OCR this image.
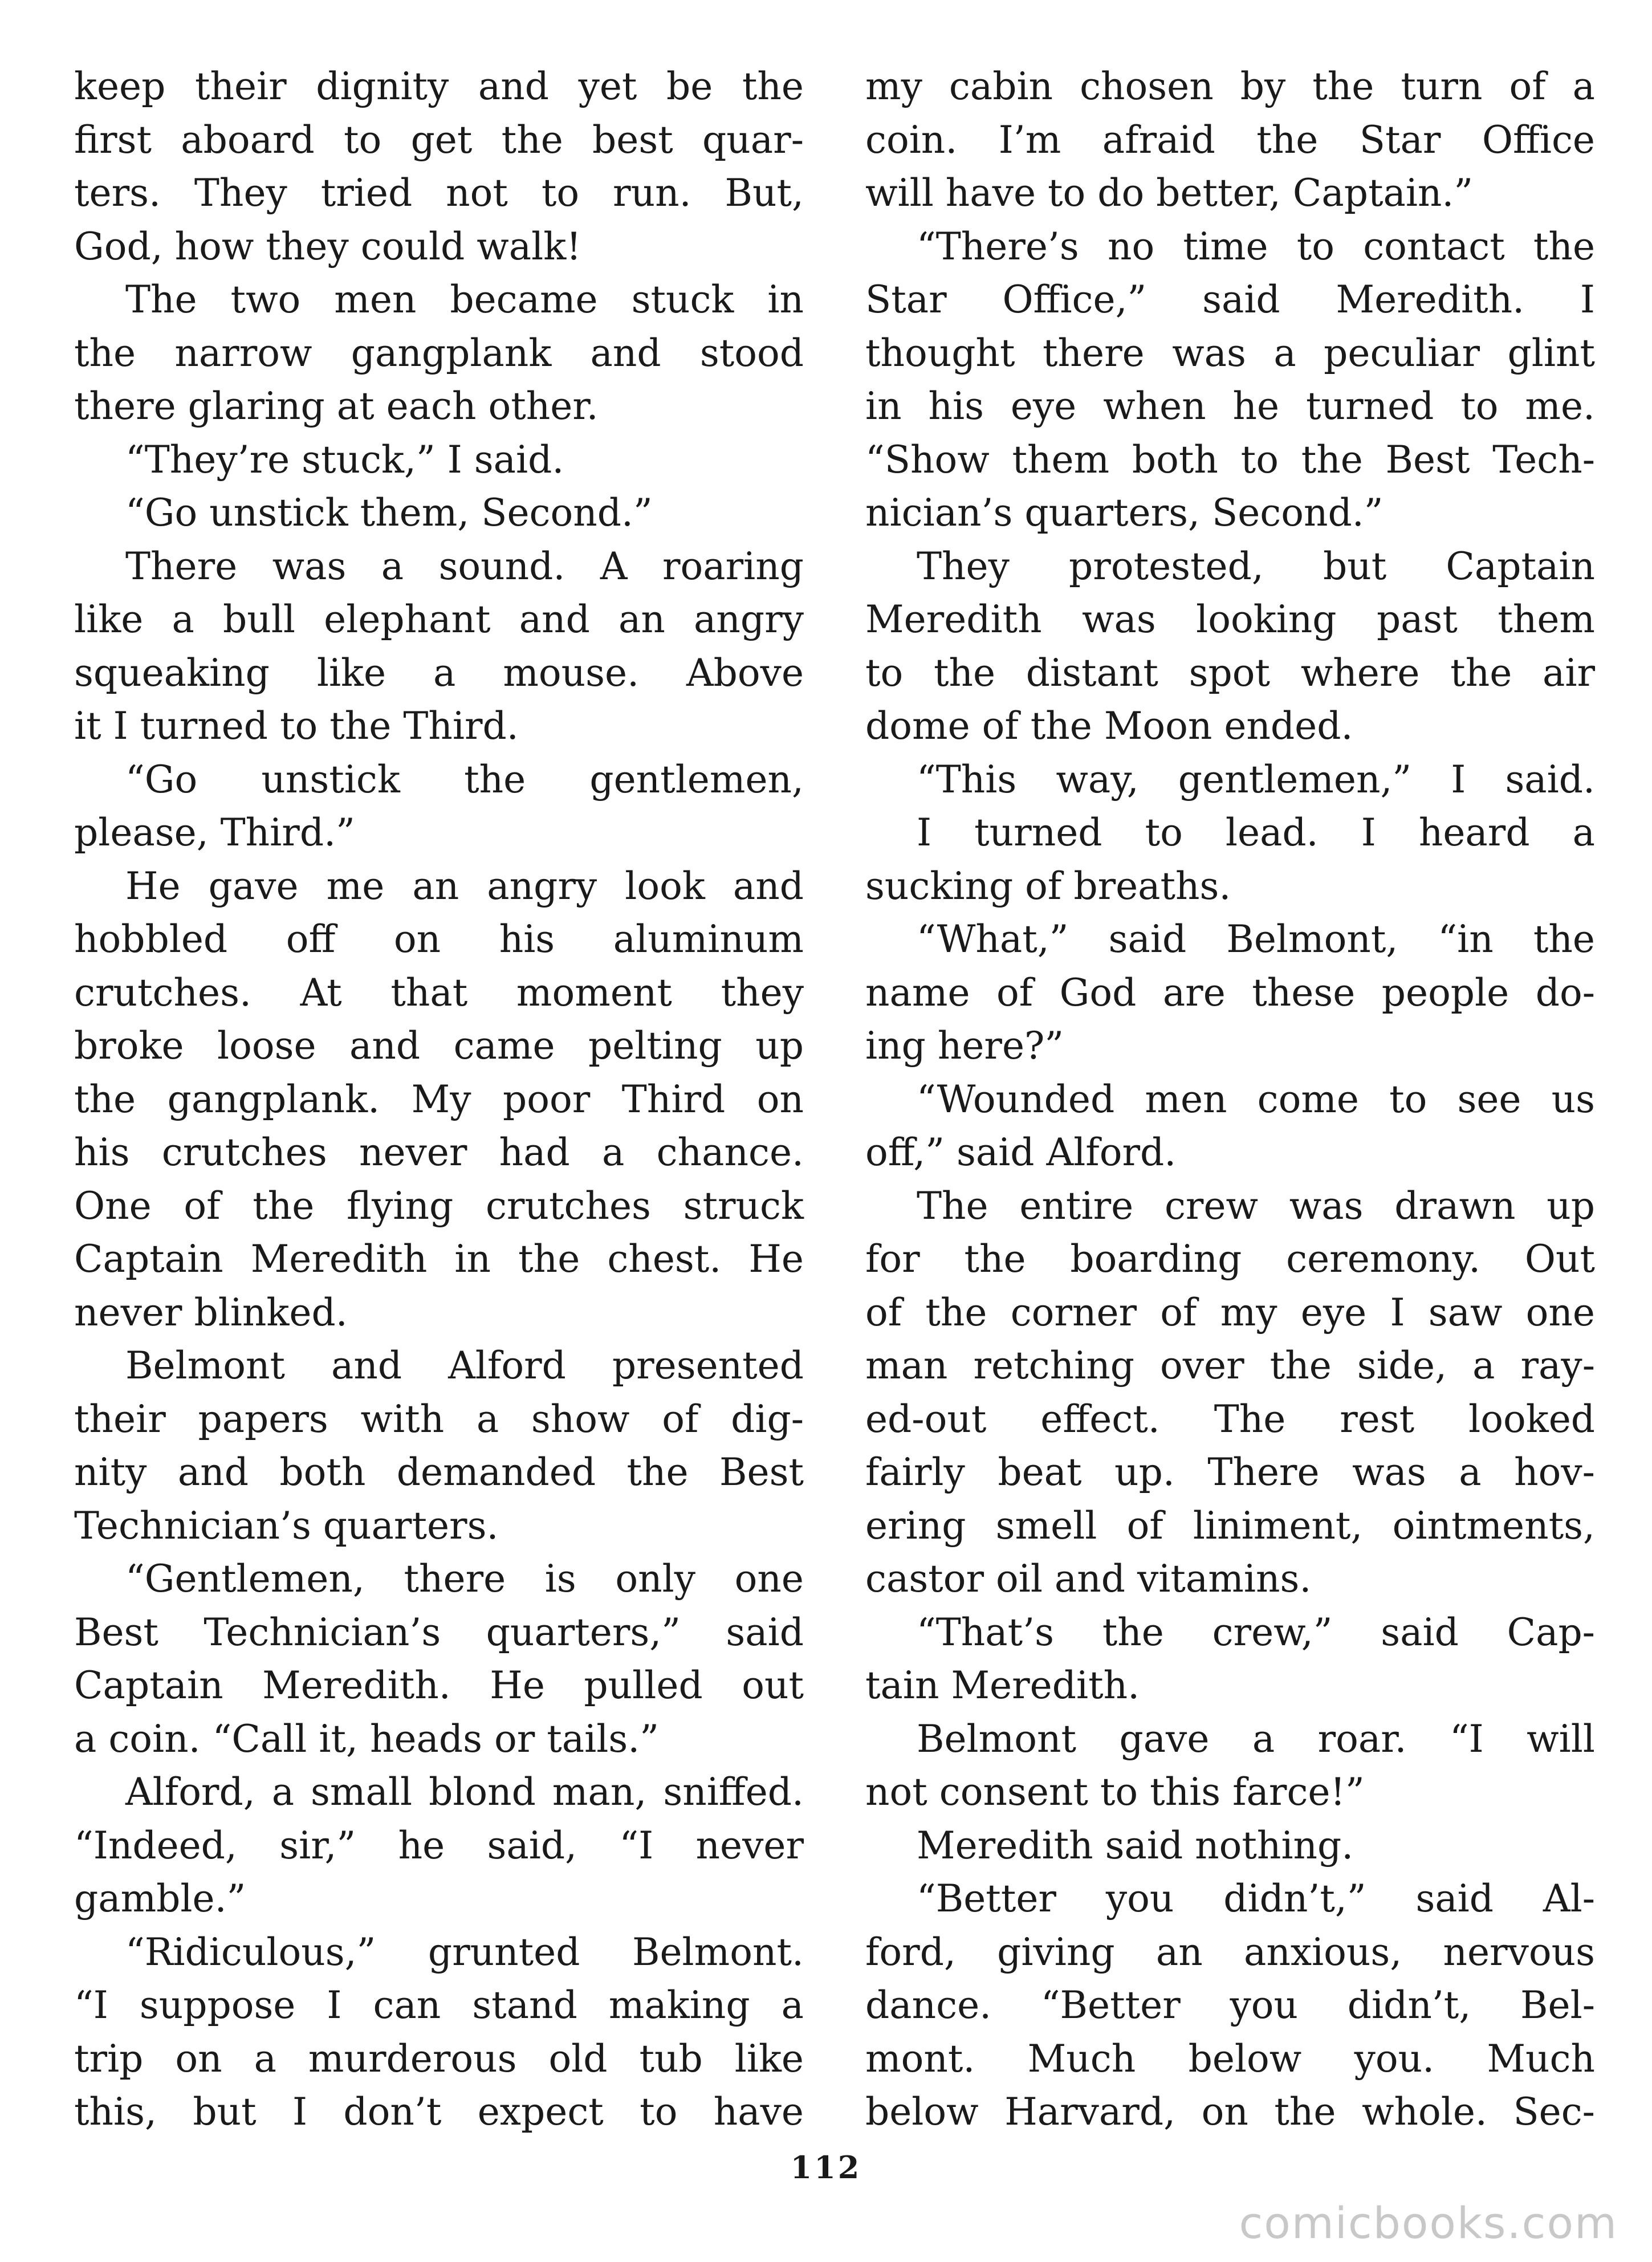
keep their dignity and yet be the
first aboard to get the best quar-
ters. They tried not to run. But,
God, how they could walk!
The two men became stuck in
the narrow gangplank and stood
there glaring at each other.
“They’re stuck,” I said.
“Go unstick them, Second.”
There was a sound. A roaring
like a bull elephant and an angry
squeaking like a mouse. Above
it I turned to the Third.
“Go unstick the gentlemen,
please, Third.”
He gave me an angry look and
hobbled off on his aluminum
crutches. At that moment they
broke loose and came pelting up
the gangplank. My poor Third on
his crutches never had a chance.
One of the flying crutches struck
Captain Meredith in the chest. He
never blinked.
Belmont and Alford presented
their papers with a show of dig-
nity and both demanded the Best
Technician’s quarters.
“Gentlemen, there is only one
Best Technician’s quarters,” said
Captain Meredith. He pulled out
a coin. “Call it, heads or tails.”
Alford, a small blond man, sniffed.
“Indeed, sir,” he said, “I never
gamble.”
“Ridiculous,” grunted Belmont.
“I suppose I can stand making a
trip on a murderous old tub like
this, but I don’t expect to have
my cabin chosen by the turn of a
coin. I’m afraid the Star Office
will have to do better, Captain.”
“There’s no time to contact the
Star Office,” said Meredith. I
thought there was a peculiar glint
in his eye when he turned to me.
“Show them both to the Best Tech-
nician’s quarters, Second.”
They protested, but Captain
Meredith was looking past them
to the distant spot where the air
dome of the Moon ended.
“This way, gentlemen,” I said.
I turned to lead. I heard a
sucking of breaths.
“What,” said Belmont, “in the
name of God are these people do-
ing here?”
“Wounded men come to see us
off,” said Alford.
The entire crew was drawn up
for the boarding ceremony. Out
of the corner of my eye I saw one
man retching over the side, a ray-
ed-out effect. The rest looked
fairly beat up. There was a hov-
ering smell of liniment, ointments,
castor oil and vitamins.
“That’s the crew,” said Cap-
tain Meredith.
Belmont gave a roar. “I will
not consent to this farce!”
Meredith said nothing.
“Better you didn’t,” said Al-
ford, giving an anxious, nervous
dance. “Better you didn’t, Bel-
mont. Much below you. Much
below Harvard, on the whole. Sec-
112
comicbooks.com
